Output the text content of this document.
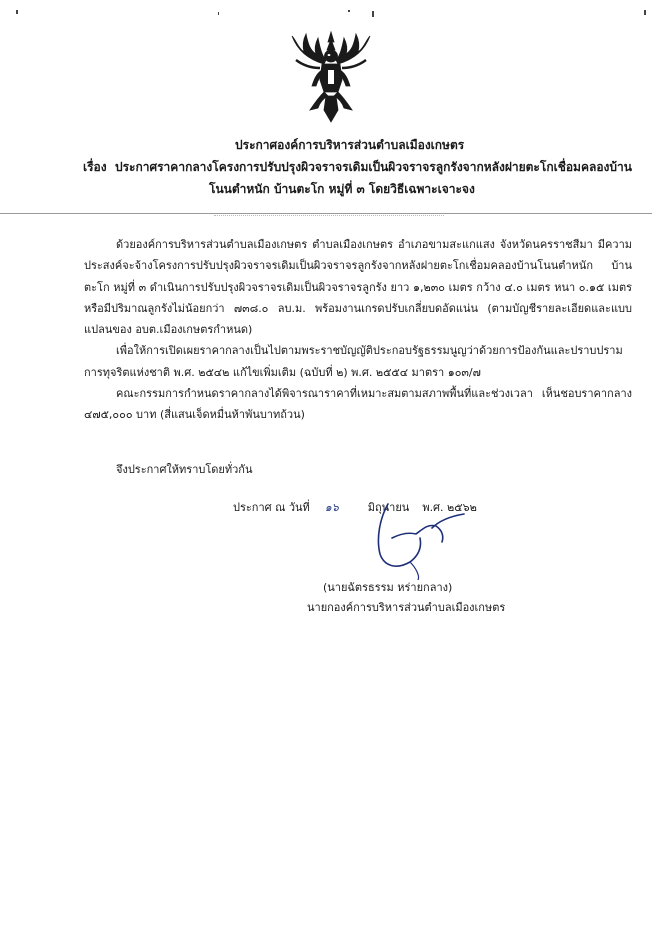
ประกาศองค์การบริหารส่วนตำบลเมืองเกษตร
เรื่อง ประกาศราคากลางโครงการปรับปรุงผิวจราจรเดิมเป็นผิวจราจรลูกรังจากหลังฝายตะโกเชื่อมคลองบ้าน
โนนตำหนัก บ้านตะโก หมู่ที่ ๓ โดยวิธีเฉพาะเจาะจง

ด้วยองค์การบริหารส่วนตำบลเมืองเกษตร ตำบลเมืองเกษตร อำเภอขามสะแกแสง จังหวัดนครราชสีมา มีความประสงค์จะจ้างโครงการปรับปรุงผิวจราจรเดิมเป็นผิวจราจรลูกรังจากหลังฝายตะโกเชื่อมคลองบ้านโนนตำหนัก บ้านตะโก หมู่ที่ ๓ ดำเนินการปรับปรุงผิวจราจรเดิมเป็นผิวจราจรลูกรัง ยาว ๑,๒๓๐ เมตร กว้าง ๔.๐ เมตร หนา ๐.๑๕ เมตร หรือมีปริมาณลูกรังไม่น้อยกว่า ๗๓๘.๐ ลบ.ม. พร้อมงานเกรดปรับเกลี่ยบดอัดแน่น (ตามบัญชีรายละเอียดและแบบแปลนของ อบต.เมืองเกษตรกำหนด)

เพื่อให้การเปิดเผยราคากลางเป็นไปตามพระราชบัญญัติประกอบรัฐธรรมนูญว่าด้วยการป้องกันและปราบปรามการทุจริตแห่งชาติ พ.ศ. ๒๕๔๒ แก้ไขเพิ่มเติม (ฉบับที่ ๒) พ.ศ. ๒๕๕๔ มาตรา ๑๐๓/๗

คณะกรรมการกำหนดราคากลางได้พิจารณาราคาที่เหมาะสมตามสภาพพื้นที่และช่วงเวลา เห็นชอบราคากลาง ๔๗๕,๐๐๐ บาท (สี่แสนเจ็ดหมื่นห้าพันบาทถ้วน)

จึงประกาศให้ทราบโดยทั่วกัน
ประกาศ ณ วันที่ ๑๖	มิถุนายน พ.ศ. ๒๕๖๒
(นายฉัตรธรรม หร่ายกลาง)
นายกองค์การบริหารส่วนตำบลเมืองเกษตร
